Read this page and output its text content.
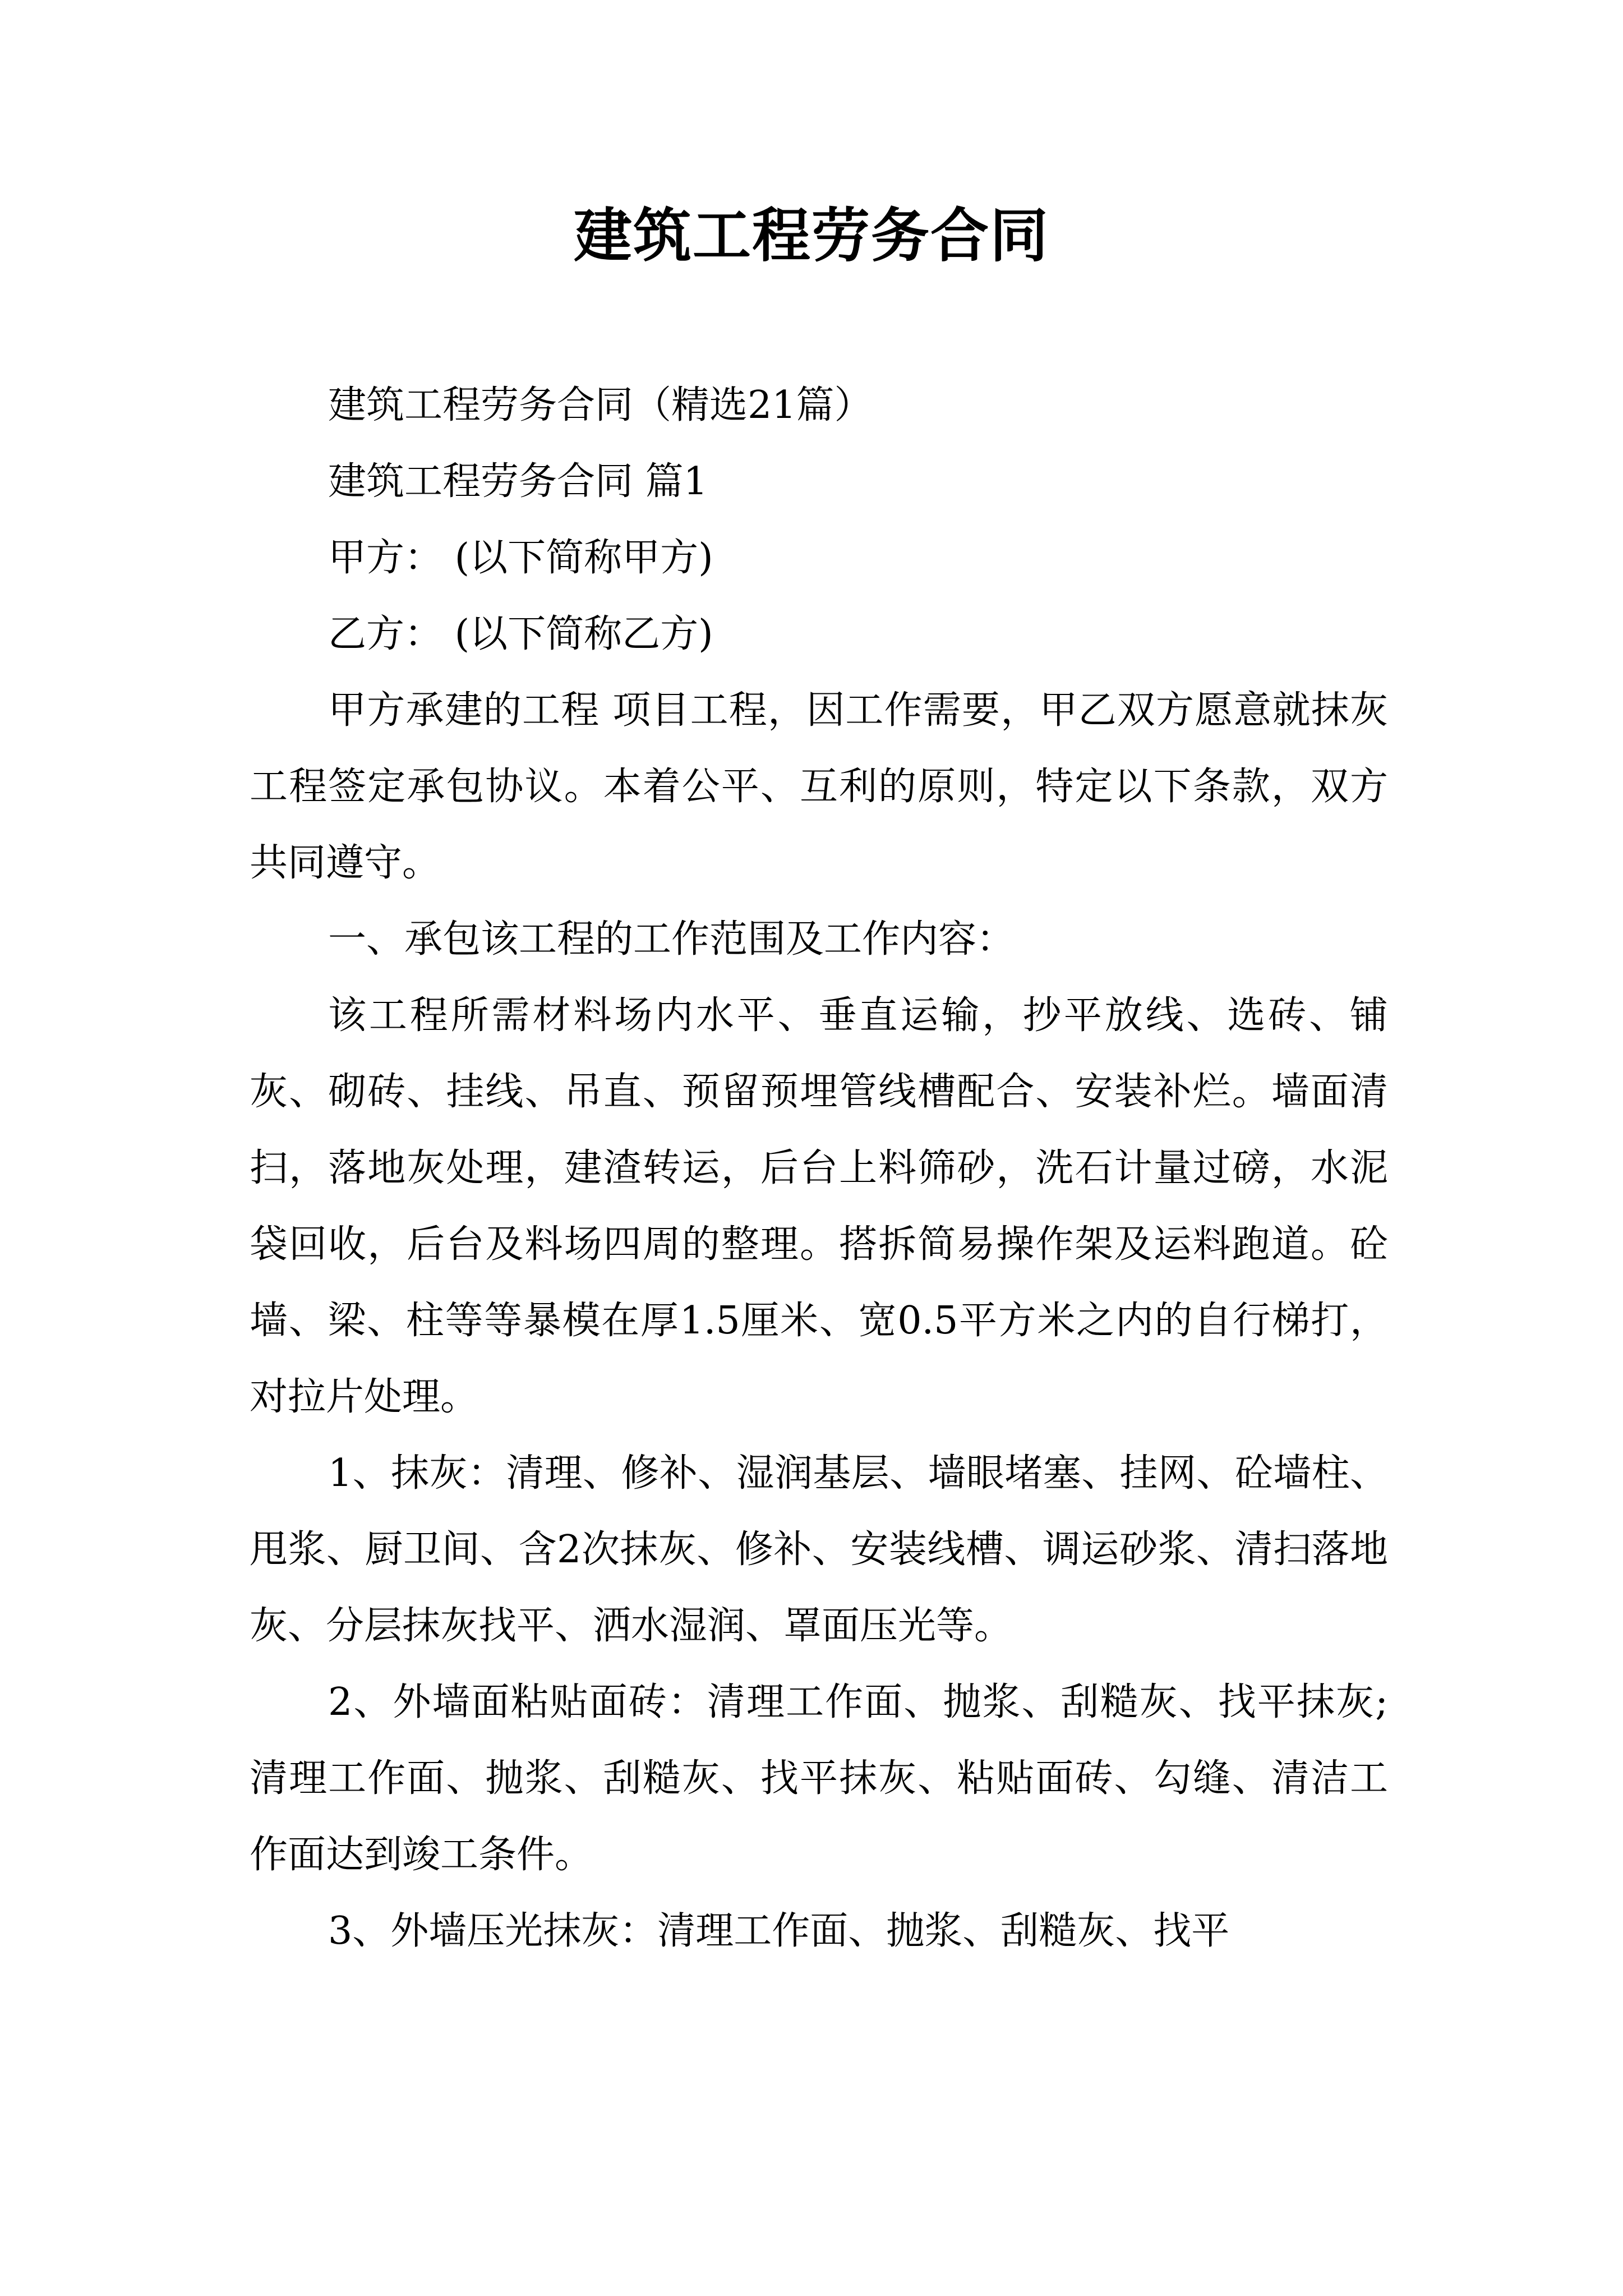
建筑工程劳务合同

建筑工程劳务合同（精选21篇）

建筑工程劳务合同 篇1

甲方： (以下简称甲方)

乙方： (以下简称乙方)

甲方承建的工程 项目工程，因工作需要，甲乙双方愿意就抹灰工程签定承包协议。本着公平、互利的原则，特定以下条款，双方共同遵守。

一、承包该工程的工作范围及工作内容：

该工程所需材料场内水平、垂直运输，抄平放线、选砖、铺灰、砌砖、挂线、吊直、预留预埋管线槽配合、安装补烂。墙面清扫，落地灰处理，建渣转运，后台上料筛砂，洗石计量过磅，水泥袋回收，后台及料场四周的整理。搭拆简易操作架及运料跑道。砼墙、梁、柱等等暴模在厚1.5厘米、宽0.5平方米之内的自行梯打，对拉片处理。

1、抹灰：清理、修补、湿润基层、墙眼堵塞、挂网、砼墙柱、甩浆、厨卫间、含2次抹灰、修补、安装线槽、调运砂浆、清扫落地灰、分层抹灰找平、洒水湿润、罩面压光等。

2、外墙面粘贴面砖：清理工作面、抛浆、刮糙灰、找平抹灰;清理工作面、抛浆、刮糙灰、找平抹灰、粘贴面砖、勾缝、清洁工作面达到竣工条件。

3、外墙压光抹灰：清理工作面、抛浆、刮糙灰、找平
